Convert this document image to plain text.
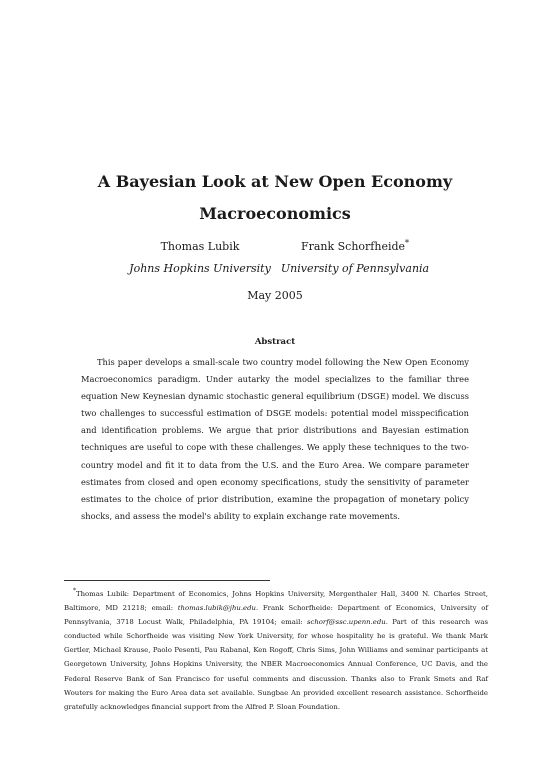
A Bayesian Look at New Open Economy
Macroeconomics
Thomas Lubik
Johns Hopkins University
Frank Schorfheide*
University of Pennsylvania
May 2005
Abstract

This paper develops a small-scale two country model following the New Open Economy Macroeconomics paradigm. Under autarky the model specializes to the familiar three equation New Keynesian dynamic stochastic general equilibrium (DSGE) model. We discuss two challenges to successful estimation of DSGE models: potential model misspecification and identification problems. We argue that prior distributions and Bayesian estimation techniques are useful to cope with these challenges. We apply these techniques to the two-country model and fit it to data from the U.S. and the Euro Area. We compare parameter estimates from closed and open economy specifications, study the sensitivity of parameter estimates to the choice of prior distribution, examine the propagation of monetary policy shocks, and assess the model's ability to explain exchange rate movements.

*Thomas Lubik: Department of Economics, Johns Hopkins University, Mergenthaler Hall, 3400 N. Charles Street, Baltimore, MD 21218; email: thomas.lubik@jhu.edu. Frank Schorfheide: Department of Economics, University of Pennsylvania, 3718 Locust Walk, Philadelphia, PA 19104; email: schorf@ssc.upenn.edu. Part of this research was conducted while Schorfheide was visiting New York University, for whose hospitality he is grateful. We thank Mark Gertler, Michael Krause, Paolo Pesenti, Pau Rabanal, Ken Rogoff, Chris Sims, John Williams and seminar participants at Georgetown University, Johns Hopkins University, the NBER Macroeconomics Annual Conference, UC Davis, and the Federal Reserve Bank of San Francisco for useful comments and discussion. Thanks also to Frank Smets and Raf Wouters for making the Euro Area data set available. Sungbae An provided excellent research assistance. Schorfheide gratefully acknowledges financial support from the Alfred P. Sloan Foundation.
